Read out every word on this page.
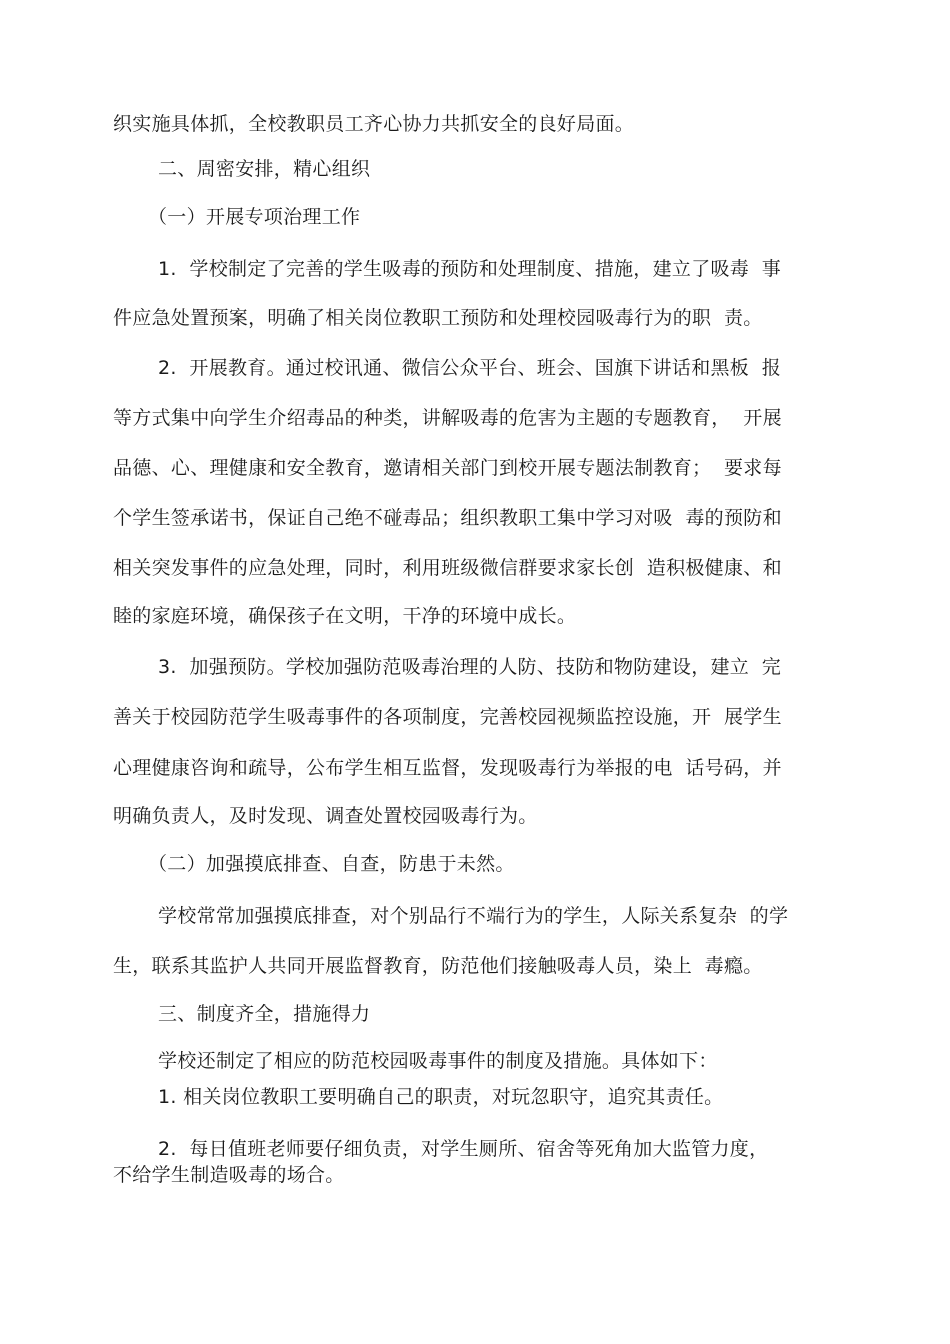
织实施具体抓，全校教职员工齐心协力共抓安全的良好局面。
二、周密安排，精心组织
（一）开展专项治理工作
1.  学校制定了完善的学生吸毒的预防和处理制度、措施，建立了吸毒  事
件应急处置预案，明确了相关岗位教职工预防和处理校园吸毒行为的职  责。
2.  开展教育。通过校讯通、微信公众平台、班会、国旗下讲话和黑板  报
等方式集中向学生介绍毒品的种类，讲解吸毒的危害为主题的专题教育，  开展
品德、心、理健康和安全教育，邀请相关部门到校开展专题法制教育；  要求每
个学生签承诺书，保证自己绝不碰毒品；组织教职工集中学习对吸  毒的预防和
相关突发事件的应急处理，同时，利用班级微信群要求家长创  造积极健康、和
睦的家庭环境，确保孩子在文明，干净的环境中成长。
3.  加强预防。学校加强防范吸毒治理的人防、技防和物防建设，建立  完
善关于校园防范学生吸毒事件的各项制度，完善校园视频监控设施，开  展学生
心理健康咨询和疏导，公布学生相互监督，发现吸毒行为举报的电  话号码，并
明确负责人，及时发现、调查处置校园吸毒行为。
（二）加强摸底排查、自查，防患于未然。
学校常常加强摸底排查，对个别品行不端行为的学生，人际关系复杂  的学
生，联系其监护人共同开展监督教育，防范他们接触吸毒人员，染上  毒瘾。
三、制度齐全，措施得力
学校还制定了相应的防范校园吸毒事件的制度及措施。具体如下：
1. 相关岗位教职工要明确自己的职责，对玩忽职守，追究其责任。
2.  每日值班老师要仔细负责，对学生厕所、宿舍等死角加大监管力度，
不给学生制造吸毒的场合。
